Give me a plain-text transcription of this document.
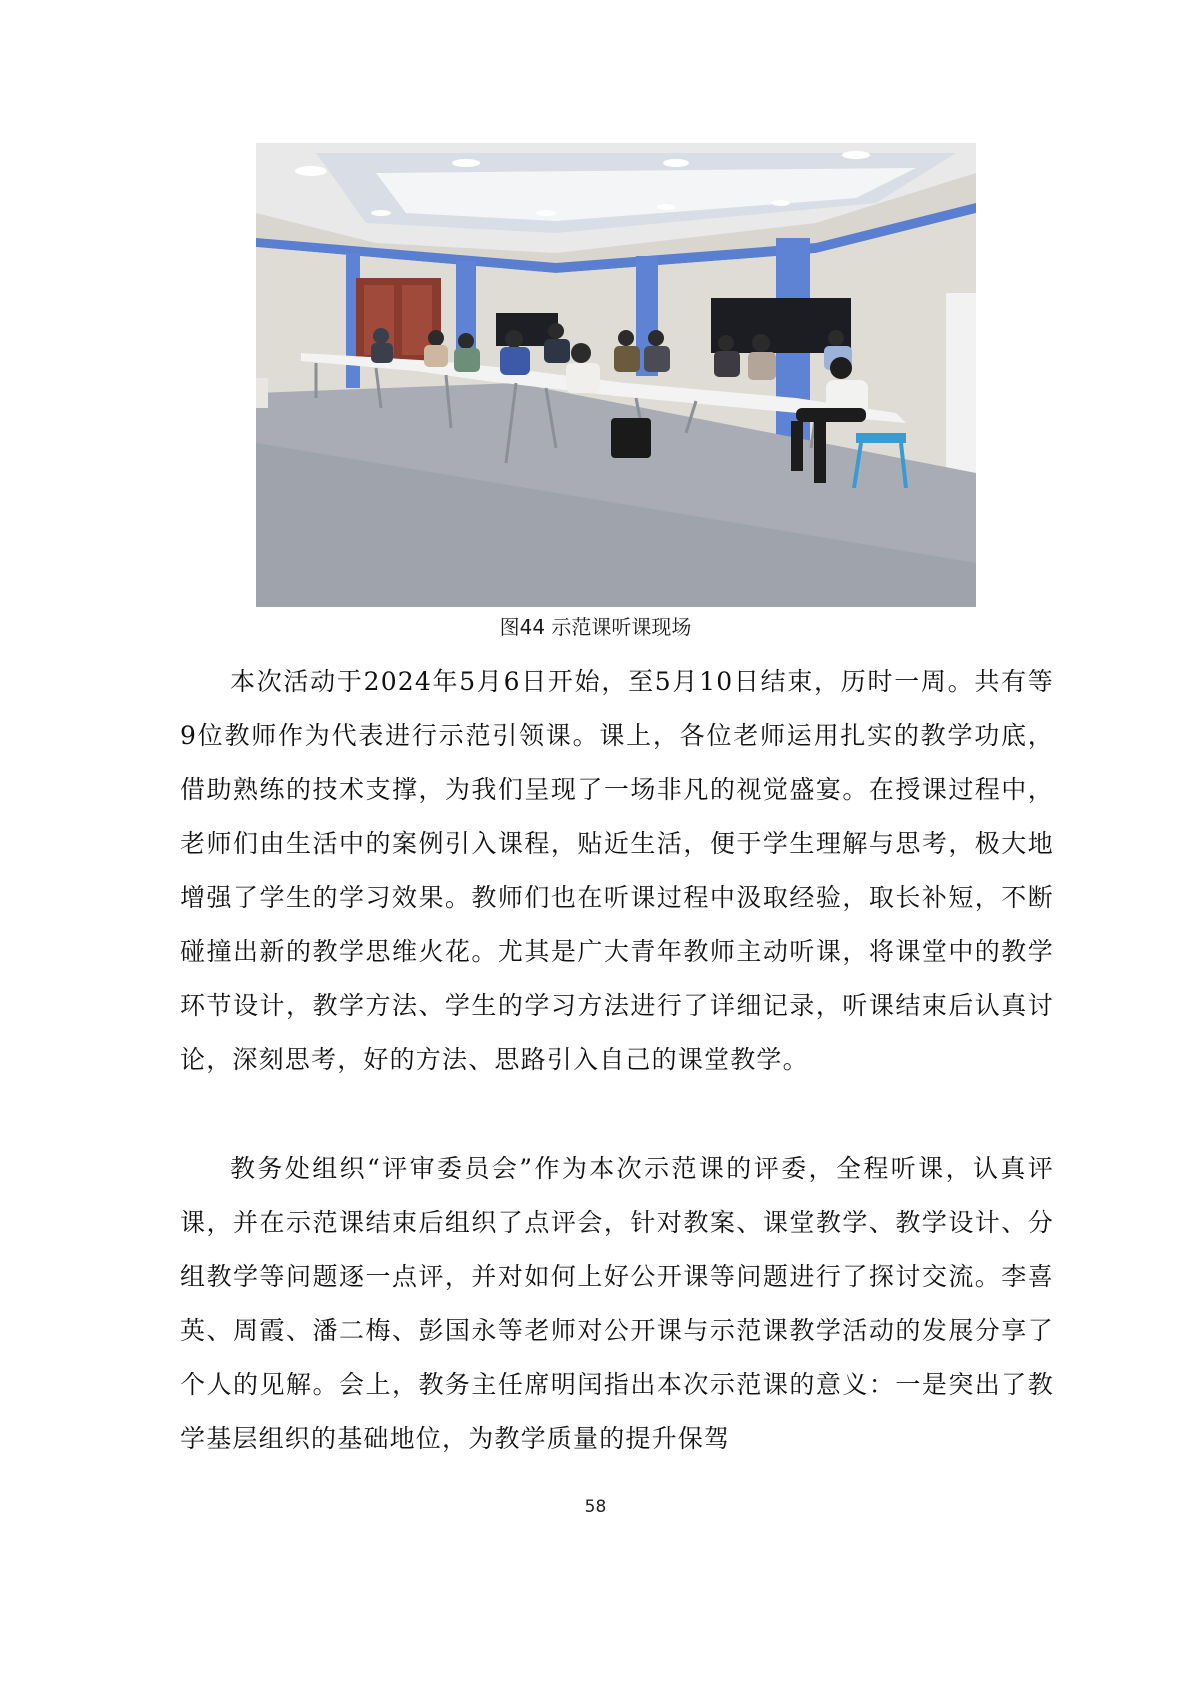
图44 示范课听课现场

本次活动于2024年5月6日开始，至5月10日结束，历时一周。共有等9位教师作为代表进行示范引领课。课上，各位老师运用扎实的教学功底，借助熟练的技术支撑，为我们呈现了一场非凡的视觉盛宴。在授课过程中，老师们由生活中的案例引入课程，贴近生活，便于学生理解与思考，极大地增强了学生的学习效果。教师们也在听课过程中汲取经验，取长补短，不断碰撞出新的教学思维火花。尤其是广大青年教师主动听课，将课堂中的教学环节设计，教学方法、学生的学习方法进行了详细记录，听课结束后认真讨论，深刻思考，好的方法、思路引入自己的课堂教学。

教务处组织“评审委员会”作为本次示范课的评委，全程听课，认真评课，并在示范课结束后组织了点评会，针对教案、课堂教学、教学设计、分组教学等问题逐一点评，并对如何上好公开课等问题进行了探讨交流。李喜英、周霞、潘二梅、彭国永等老师对公开课与示范课教学活动的发展分享了个人的见解。会上，教务主任席明闰指出本次示范课的意义：一是突出了教学基层组织的基础地位，为教学质量的提升保驾

58
